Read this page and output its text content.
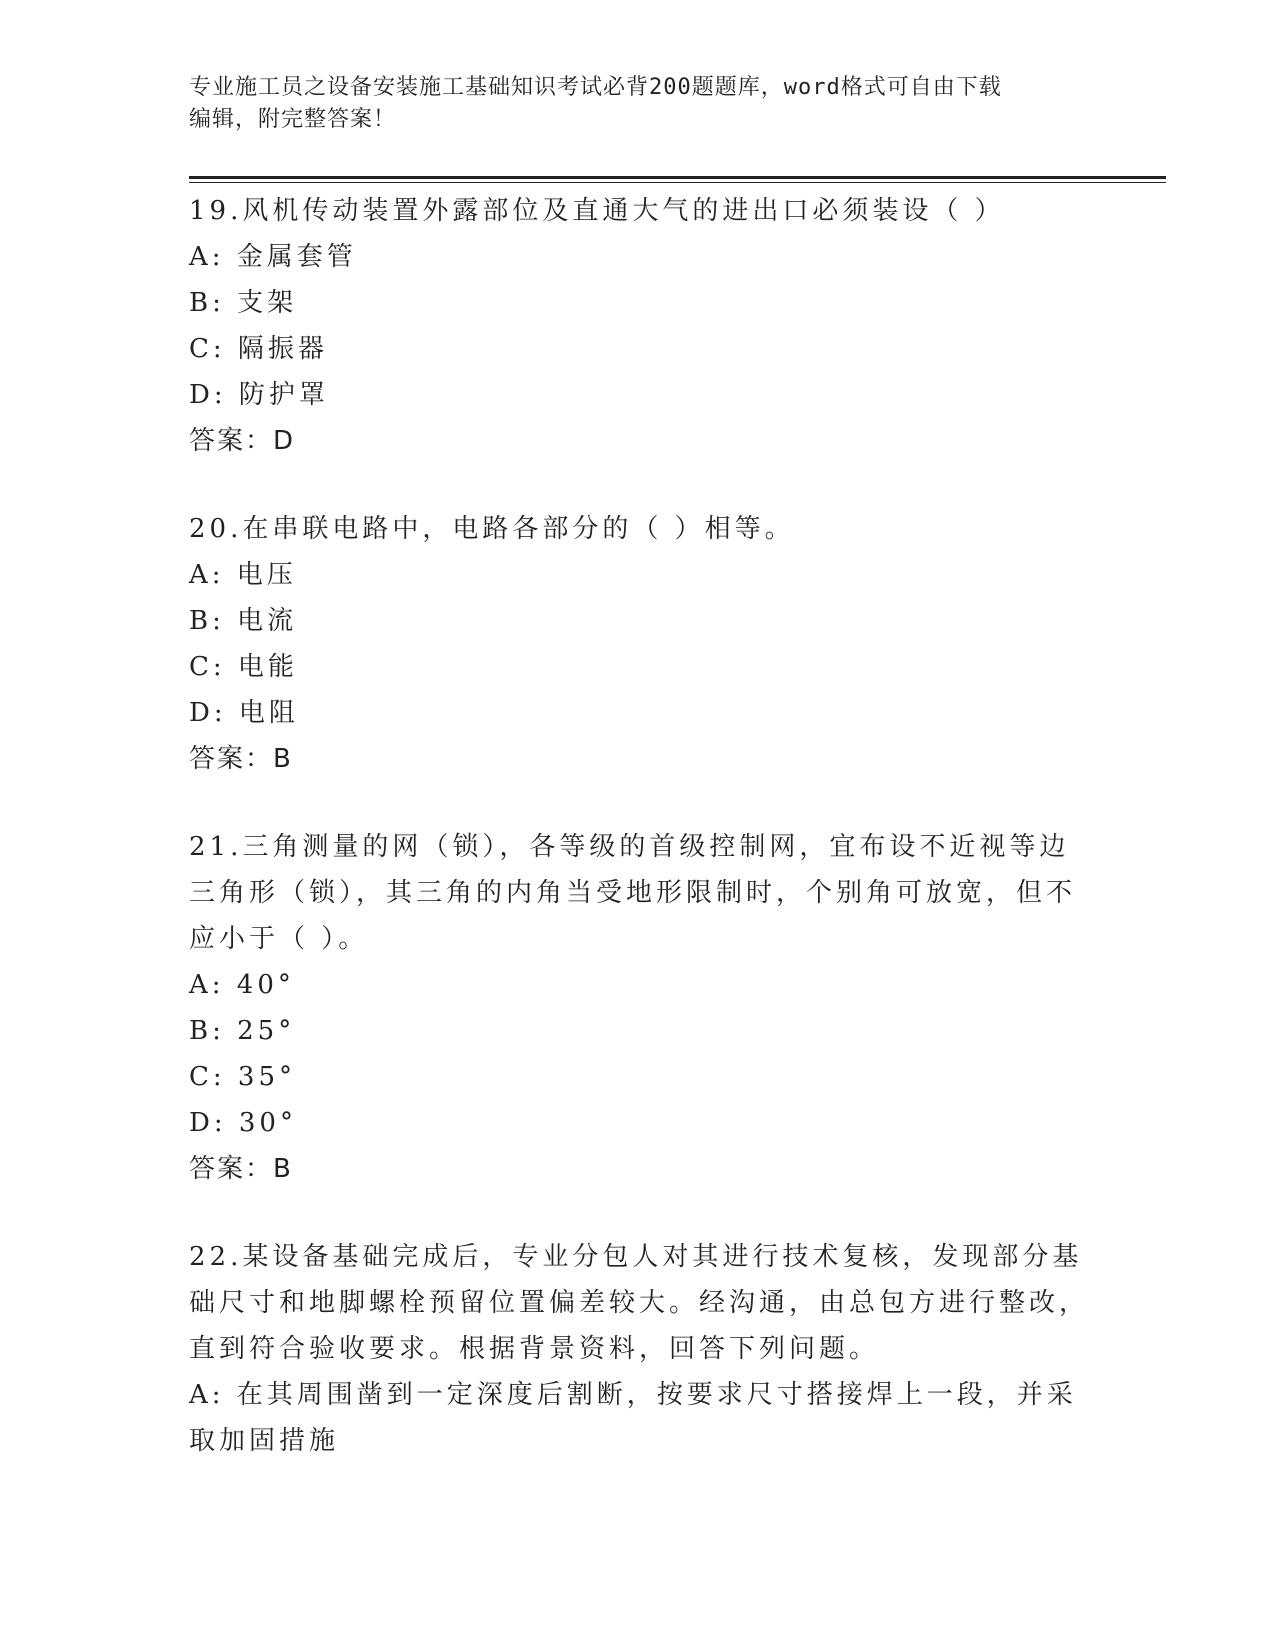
专业施工员之设备安装施工基础知识考试必背200题题库，word格式可自由下载
编辑，附完整答案！
19.风机传动装置外露部位及直通大气的进出口必须装设（ ）
A: 金属套管
B: 支架
C: 隔振器
D: 防护罩
答案：D
20.在串联电路中，电路各部分的（ ）相等。
A: 电压
B: 电流
C: 电能
D: 电阻
答案：B
21.三角测量的网（锁），各等级的首级控制网，宜布设不近视等边三角形（锁），其三角的内角当受地形限制时，个别角可放宽，但不应小于（ ）。
A: 40°
B: 25°
C: 35°
D: 30°
答案：B
22.某设备基础完成后，专业分包人对其进行技术复核，发现部分基础尺寸和地脚螺栓预留位置偏差较大。经沟通，由总包方进行整改，直到符合验收要求。根据背景资料，回答下列问题。
A: 在其周围凿到一定深度后割断，按要求尺寸搭接焊上一段，并采取加固措施
